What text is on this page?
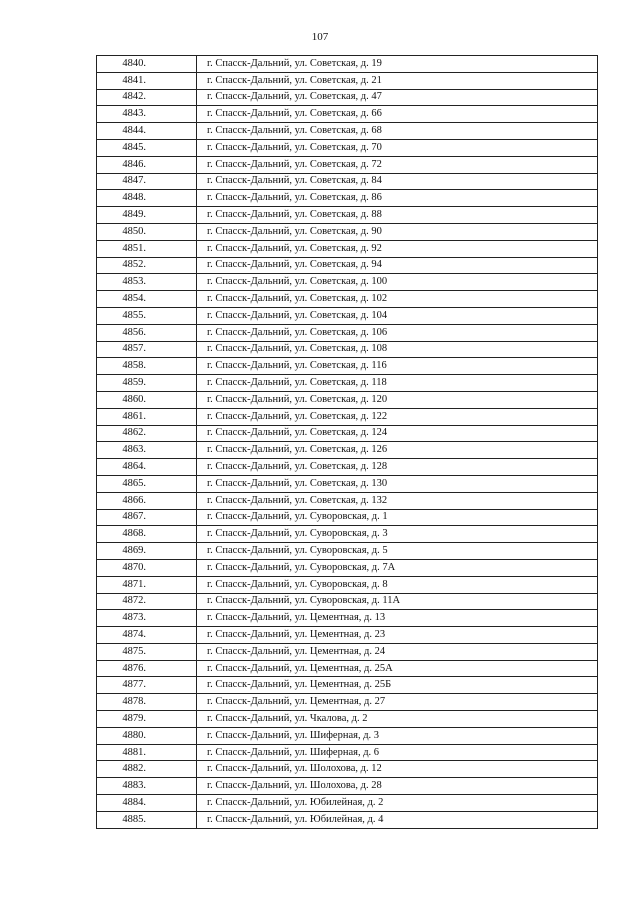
107
4840.	г. Спасск-Дальний, ул. Советская, д. 19
4841.	г. Спасск-Дальний, ул. Советская, д. 21
4842.	г. Спасск-Дальний, ул. Советская, д. 47
4843.	г. Спасск-Дальний, ул. Советская, д. 66
4844.	г. Спасск-Дальний, ул. Советская, д. 68
4845.	г. Спасск-Дальний, ул. Советская, д. 70
4846.	г. Спасск-Дальний, ул. Советская, д. 72
4847.	г. Спасск-Дальний, ул. Советская, д. 84
4848.	г. Спасск-Дальний, ул. Советская, д. 86
4849.	г. Спасск-Дальний, ул. Советская, д. 88
4850.	г. Спасск-Дальний, ул. Советская, д. 90
4851.	г. Спасск-Дальний, ул. Советская, д. 92
4852.	г. Спасск-Дальний, ул. Советская, д. 94
4853.	г. Спасск-Дальний, ул. Советская, д. 100
4854.	г. Спасск-Дальний, ул. Советская, д. 102
4855.	г. Спасск-Дальний, ул. Советская, д. 104
4856.	г. Спасск-Дальний, ул. Советская, д. 106
4857.	г. Спасск-Дальний, ул. Советская, д. 108
4858.	г. Спасск-Дальний, ул. Советская, д. 116
4859.	г. Спасск-Дальний, ул. Советская, д. 118
4860.	г. Спасск-Дальний, ул. Советская, д. 120
4861.	г. Спасск-Дальний, ул. Советская, д. 122
4862.	г. Спасск-Дальний, ул. Советская, д. 124
4863.	г. Спасск-Дальний, ул. Советская, д. 126
4864.	г. Спасск-Дальний, ул. Советская, д. 128
4865.	г. Спасск-Дальний, ул. Советская, д. 130
4866.	г. Спасск-Дальний, ул. Советская, д. 132
4867.	г. Спасск-Дальний, ул. Суворовская, д. 1
4868.	г. Спасск-Дальний, ул. Суворовская, д. 3
4869.	г. Спасск-Дальний, ул. Суворовская, д. 5
4870.	г. Спасск-Дальний, ул. Суворовская, д. 7А
4871.	г. Спасск-Дальний, ул. Суворовская, д. 8
4872.	г. Спасск-Дальний, ул. Суворовская, д. 11А
4873.	г. Спасск-Дальний, ул. Цементная, д. 13
4874.	г. Спасск-Дальний, ул. Цементная, д. 23
4875.	г. Спасск-Дальний, ул. Цементная, д. 24
4876.	г. Спасск-Дальний, ул. Цементная, д. 25А
4877.	г. Спасск-Дальний, ул. Цементная, д. 25Б
4878.	г. Спасск-Дальний, ул. Цементная, д. 27
4879.	г. Спасск-Дальний, ул. Чкалова, д. 2
4880.	г. Спасск-Дальний, ул. Шиферная, д. 3
4881.	г. Спасск-Дальний, ул. Шиферная, д. 6
4882.	г. Спасск-Дальний, ул. Шолохова, д. 12
4883.	г. Спасск-Дальний, ул. Шолохова, д. 28
4884.	г. Спасск-Дальний, ул. Юбилейная, д. 2
4885.	г. Спасск-Дальний, ул. Юбилейная, д. 4
